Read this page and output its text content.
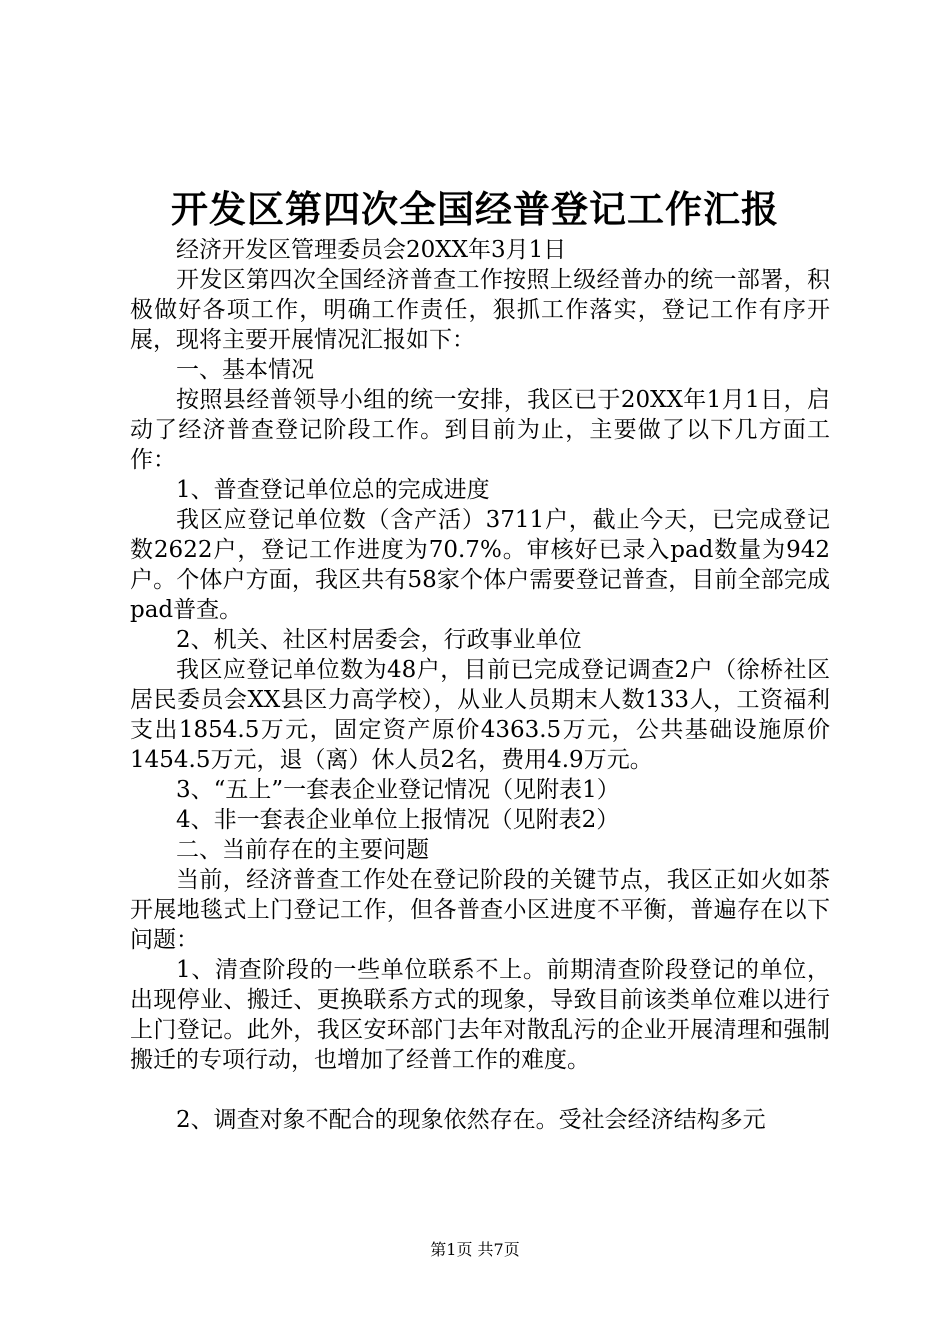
开发区第四次全国经普登记工作汇报

经济开发区管理委员会20XX年3月1日

开发区第四次全国经济普查工作按照上级经普办的统一部署，积极做好各项工作，明确工作责任，狠抓工作落实，登记工作有序开展，现将主要开展情况汇报如下：

一、基本情况

按照县经普领导小组的统一安排，我区已于20XX年1月1日，启动了经济普查登记阶段工作。到目前为止，主要做了以下几方面工作：

1、普查登记单位总的完成进度

我区应登记单位数（含产活）3711户，截止今天，已完成登记数2622户，登记工作进度为70.7%。审核好已录入pad数量为942户。个体户方面，我区共有58家个体户需要登记普查，目前全部完成pad普查。

2、机关、社区村居委会，行政事业单位

我区应登记单位数为48户，目前已完成登记调查2户（徐桥社区居民委员会XX县区力高学校），从业人员期末人数133人，工资福利支出1854.5万元，固定资产原价4363.5万元，公共基础设施原价1454.5万元，退（离）休人员2名，费用4.9万元。

3、“五上”一套表企业登记情况（见附表1）

4、非一套表企业单位上报情况（见附表2）

二、当前存在的主要问题

当前，经济普查工作处在登记阶段的关键节点，我区正如火如茶开展地毯式上门登记工作，但各普查小区进度不平衡，普遍存在以下问题：

1、清查阶段的一些单位联系不上。前期清查阶段登记的单位，出现停业、搬迁、更换联系方式的现象，导致目前该类单位难以进行上门登记。此外，我区安环部门去年对散乱污的企业开展清理和强制搬迁的专项行动，也增加了经普工作的难度。

2、调查对象不配合的现象依然存在。受社会经济结构多元

第1页 共7页
